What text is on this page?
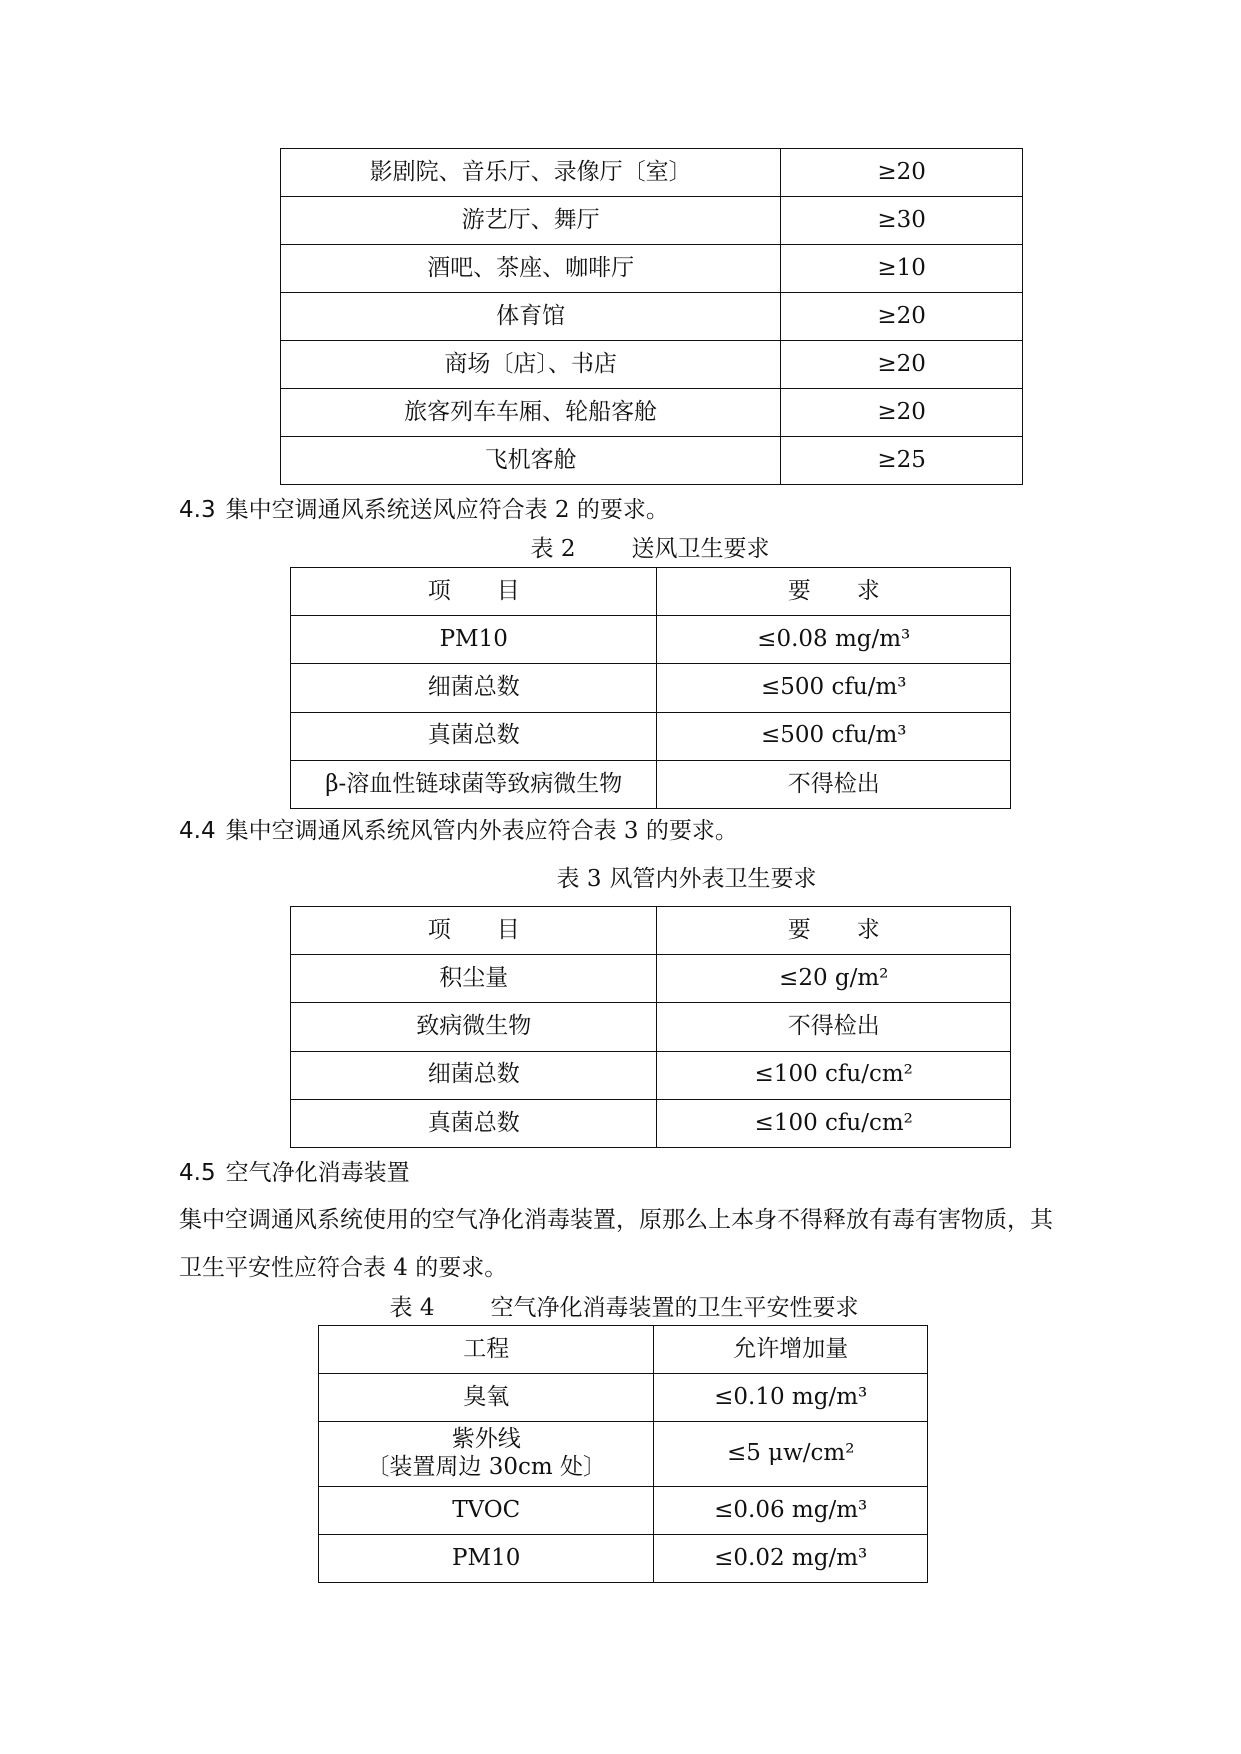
影剧院、音乐厅、录像厅〔室〕	≥20
游艺厅、舞厅	≥30
酒吧、茶座、咖啡厅	≥10
体育馆	≥20
商场〔店〕、书店	≥20
旅客列车车厢、轮船客舱	≥20
飞机客舱	≥25
4.3 集中空调通风系统送风应符合表 2 的要求。
表 2 送风卫生要求
项　　目	要　　求
PM10	≤0.08 mg/m³
细菌总数	≤500 cfu/m³
真菌总数	≤500 cfu/m³
β-溶血性链球菌等致病微生物	不得检出
4.4 集中空调通风系统风管内外表应符合表 3 的要求。
表 3 风管内外表卫生要求
项　　目	要　　求
积尘量	≤20 g/m²
致病微生物	不得检出
细菌总数	≤100 cfu/cm²
真菌总数	≤100 cfu/cm²
4.5 空气净化消毒装置
集中空调通风系统使用的空气净化消毒装置，原那么上本身不得释放有毒有害物质，其
卫生平安性应符合表 4 的要求。
表 4 空气净化消毒装置的卫生平安性要求
工程	允许增加量
臭氧	≤0.10 mg/m³

紫外线
〔装置周边 30cm 处〕	≤5 μw/cm²
TVOC	≤0.06 mg/m³
PM10	≤0.02 mg/m³
